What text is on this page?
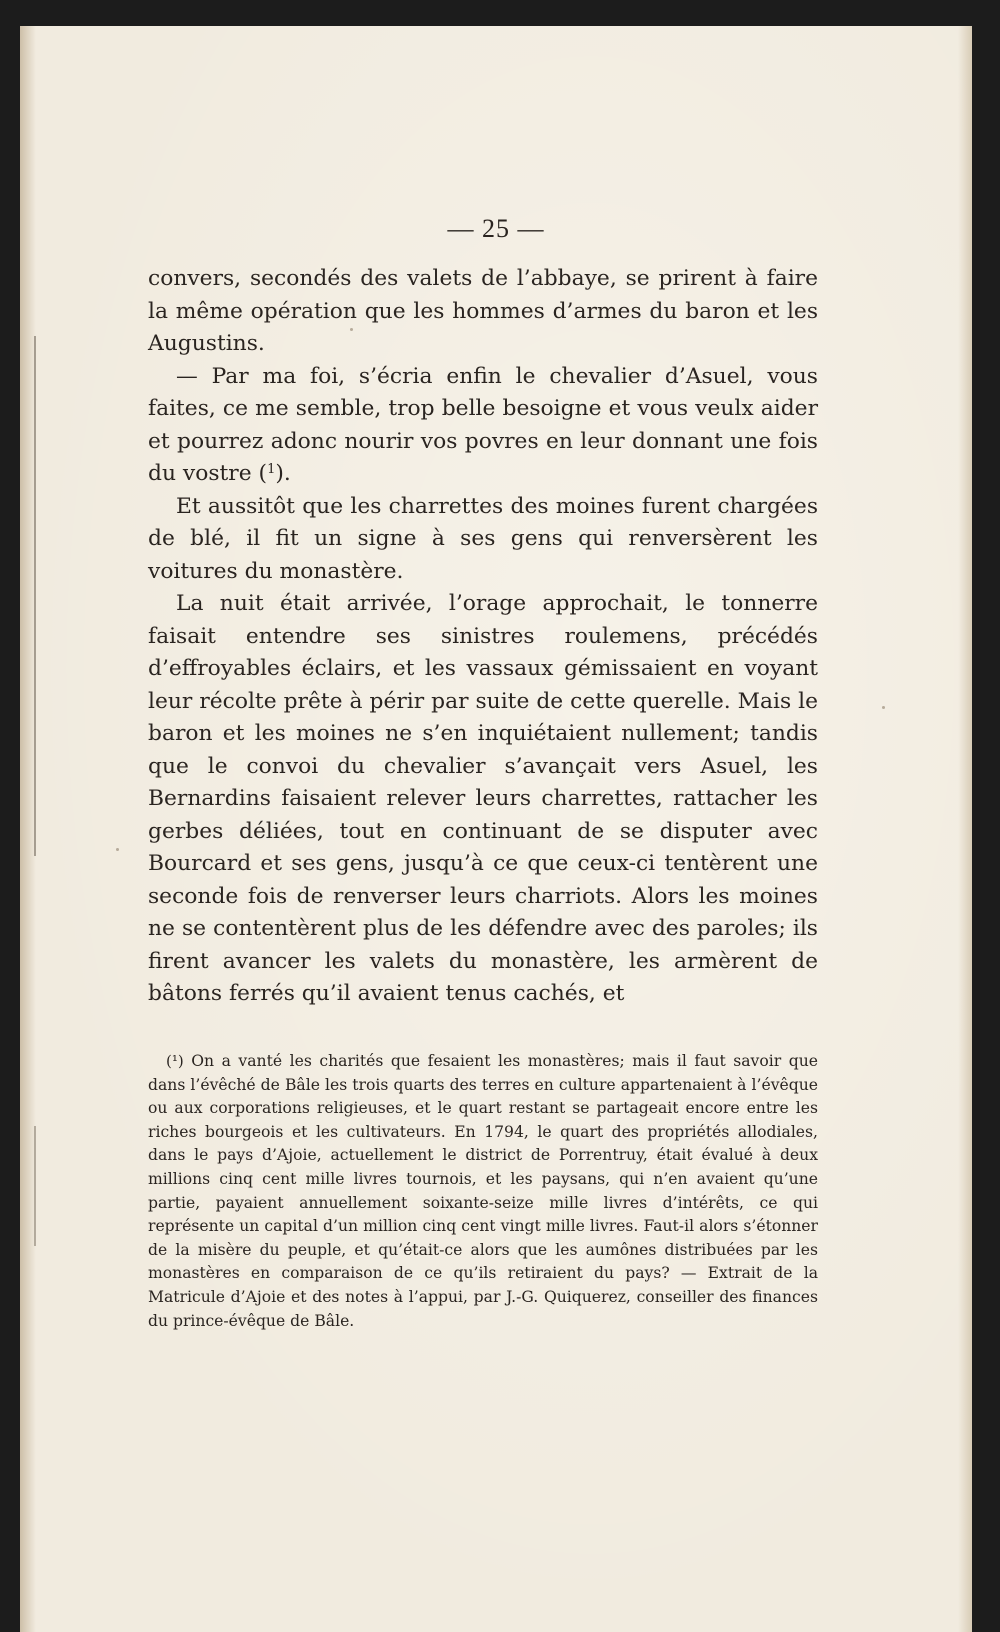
— 25 —

convers, secondés des valets de l’abbaye, se prirent à faire la même opération que les hommes d’armes du baron et les Augustins.

— Par ma foi, s’écria enfin le chevalier d’Asuel, vous faites, ce me semble, trop belle besoigne et vous veulx aider et pourrez adonc nourir vos povres en leur donnant une fois du vostre ($^1$).

Et aussitôt que les charrettes des moines furent chargées de blé, il fit un signe à ses gens qui renversèrent les voitures du monastère.

La nuit était arrivée, l’orage approchait, le tonnerre faisait entendre ses sinistres roulemens, précédés d’effroyables éclairs, et les vassaux gémissaient en voyant leur récolte prête à périr par suite de cette querelle. Mais le baron et les moines ne s’en inquiétaient nullement; tandis que le convoi du chevalier s’avançait vers Asuel, les Bernardins faisaient relever leurs charrettes, rattacher les gerbes déliées, tout en continuant de se disputer avec Bourcard et ses gens, jusqu’à ce que ceux-ci tentèrent une seconde fois de renverser leurs charriots. Alors les moines ne se contentèrent plus de les défendre avec des paroles; ils firent avancer les valets du monastère, les armèrent de bâtons ferrés qu’il avaient tenus cachés, et

(¹) On a vanté les charités que fesaient les monastères; mais il faut savoir que dans l’évêché de Bâle les trois quarts des terres en culture appartenaient à l’évêque ou aux corporations religieuses, et le quart restant se partageait encore entre les riches bourgeois et les cultivateurs. En 1794, le quart des propriétés allodiales, dans le pays d’Ajoie, actuellement le district de Porrentruy, était évalué à deux millions cinq cent mille livres tournois, et les paysans, qui n’en avaient qu’une partie, payaient annuellement soixante-seize mille livres d’intérêts, ce qui représente un capital d’un million cinq cent vingt mille livres. Faut-il alors s’étonner de la misère du peuple, et qu’était-ce alors que les aumônes distribuées par les monastères en comparaison de ce qu’ils retiraient du pays? — Extrait de la Matricule d’Ajoie et des notes à l’appui, par J.-G. Quiquerez, conseiller des finances du prince-évêque de Bâle.
